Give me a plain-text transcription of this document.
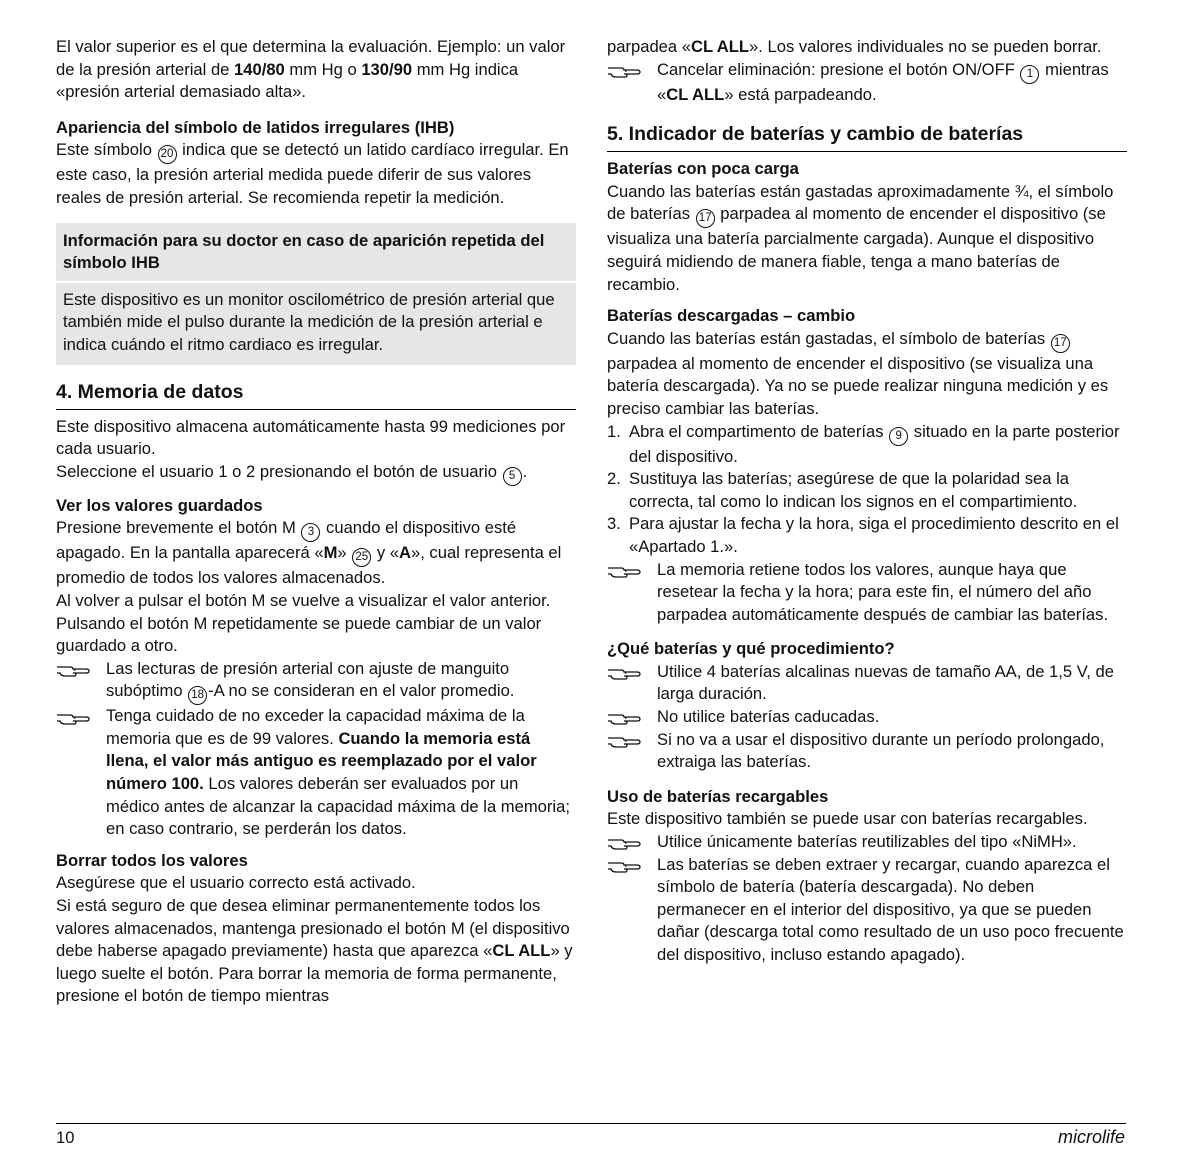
El valor superior es el que determina la evaluación. Ejemplo: un valor de la presión arterial de 140/80 mm Hg o 130/90 mm Hg indica «presión arterial demasiado alta».

Apariencia del símbolo de latidos irregulares (IHB)

Este símbolo 20 indica que se detectó un latido cardíaco irregular. En este caso, la presión arterial medida puede diferir de sus valores reales de presión arterial. Se recomienda repetir la medición.

Información para su doctor en caso de aparición repetida del símbolo IHB
Este dispositivo es un monitor oscilométrico de presión arterial que también mide el pulso durante la medición de la presión arterial e indica cuándo el ritmo cardiaco es irregular.
4. Memoria de datos

Este dispositivo almacena automáticamente hasta 99 mediciones por cada usuario.

Seleccione el usuario 1 o 2 presionando el botón de usuario 5 .

Ver los valores guardados

Presione brevemente el botón M 3 cuando el dispositivo esté apagado. En la pantalla aparecerá «M» 25 y «A», cual representa el promedio de todos los valores almacenados.

Al volver a pulsar el botón M se vuelve a visualizar el valor anterior. Pulsando el botón M repetidamente se puede cambiar de un valor guardado a otro.

Las lecturas de presión arterial con ajuste de manguito subóptimo 18 -A no se consideran en el valor promedio.
Tenga cuidado de no exceder la capacidad máxima de la memoria que es de 99 valores. Cuando la memoria está llena, el valor más antiguo es reemplazado por el valor número 100. Los valores deberán ser evaluados por un médico antes de alcanzar la capacidad máxima de la memoria; en caso contrario, se perderán los datos.

Borrar todos los valores

Asegúrese que el usuario correcto está activado.

Si está seguro de que desea eliminar permanentemente todos los valores almacenados, mantenga presionado el botón M (el dispositivo debe haberse apagado previamente) hasta que aparezca «CL ALL» y luego suelte el botón. Para borrar la memoria de forma permanente, presione el botón de tiempo mientras

parpadea «CL ALL». Los valores individuales no se pueden borrar.

Cancelar eliminación: presione el botón ON/OFF 1 mientras «CL ALL» está parpadeando.
5. Indicador de baterías y cambio de baterías

Baterías con poca carga

Cuando las baterías están gastadas aproximadamente ¾, el símbolo de baterías 17 parpadea al momento de encender el dispositivo (se visualiza una batería parcialmente cargada). Aunque el dispositivo seguirá midiendo de manera fiable, tenga a mano baterías de recambio.

Baterías descargadas – cambio

Cuando las baterías están gastadas, el símbolo de baterías 17 parpadea al momento de encender el dispositivo (se visualiza una batería descargada). Ya no se puede realizar ninguna medición y es preciso cambiar las baterías.

1. Abra el compartimento de baterías 9 situado en la parte posterior del dispositivo.
2. Sustituya las baterías; asegúrese de que la polaridad sea la correcta, tal como lo indican los signos en el compartimiento.
3. Para ajustar la fecha y la hora, siga el procedimiento descrito en el «Apartado 1.».
La memoria retiene todos los valores, aunque haya que resetear la fecha y la hora; para este fin, el número del año parpadea automáticamente después de cambiar las baterías.

¿Qué baterías y qué procedimiento?

Utilice 4 baterías alcalinas nuevas de tamaño AA, de 1,5 V, de larga duración.
No utilice baterías caducadas.
Si no va a usar el dispositivo durante un período prolongado, extraiga las baterías.

Uso de baterías recargables

Este dispositivo también se puede usar con baterías recargables.

Utilice únicamente baterías reutilizables del tipo «NiMH».
Las baterías se deben extraer y recargar, cuando aparezca el símbolo de batería (batería descargada). No deben permanecer en el interior del dispositivo, ya que se pueden dañar (descarga total como resultado de un uso poco frecuente del dispositivo, incluso estando apagado).
10	microlife
